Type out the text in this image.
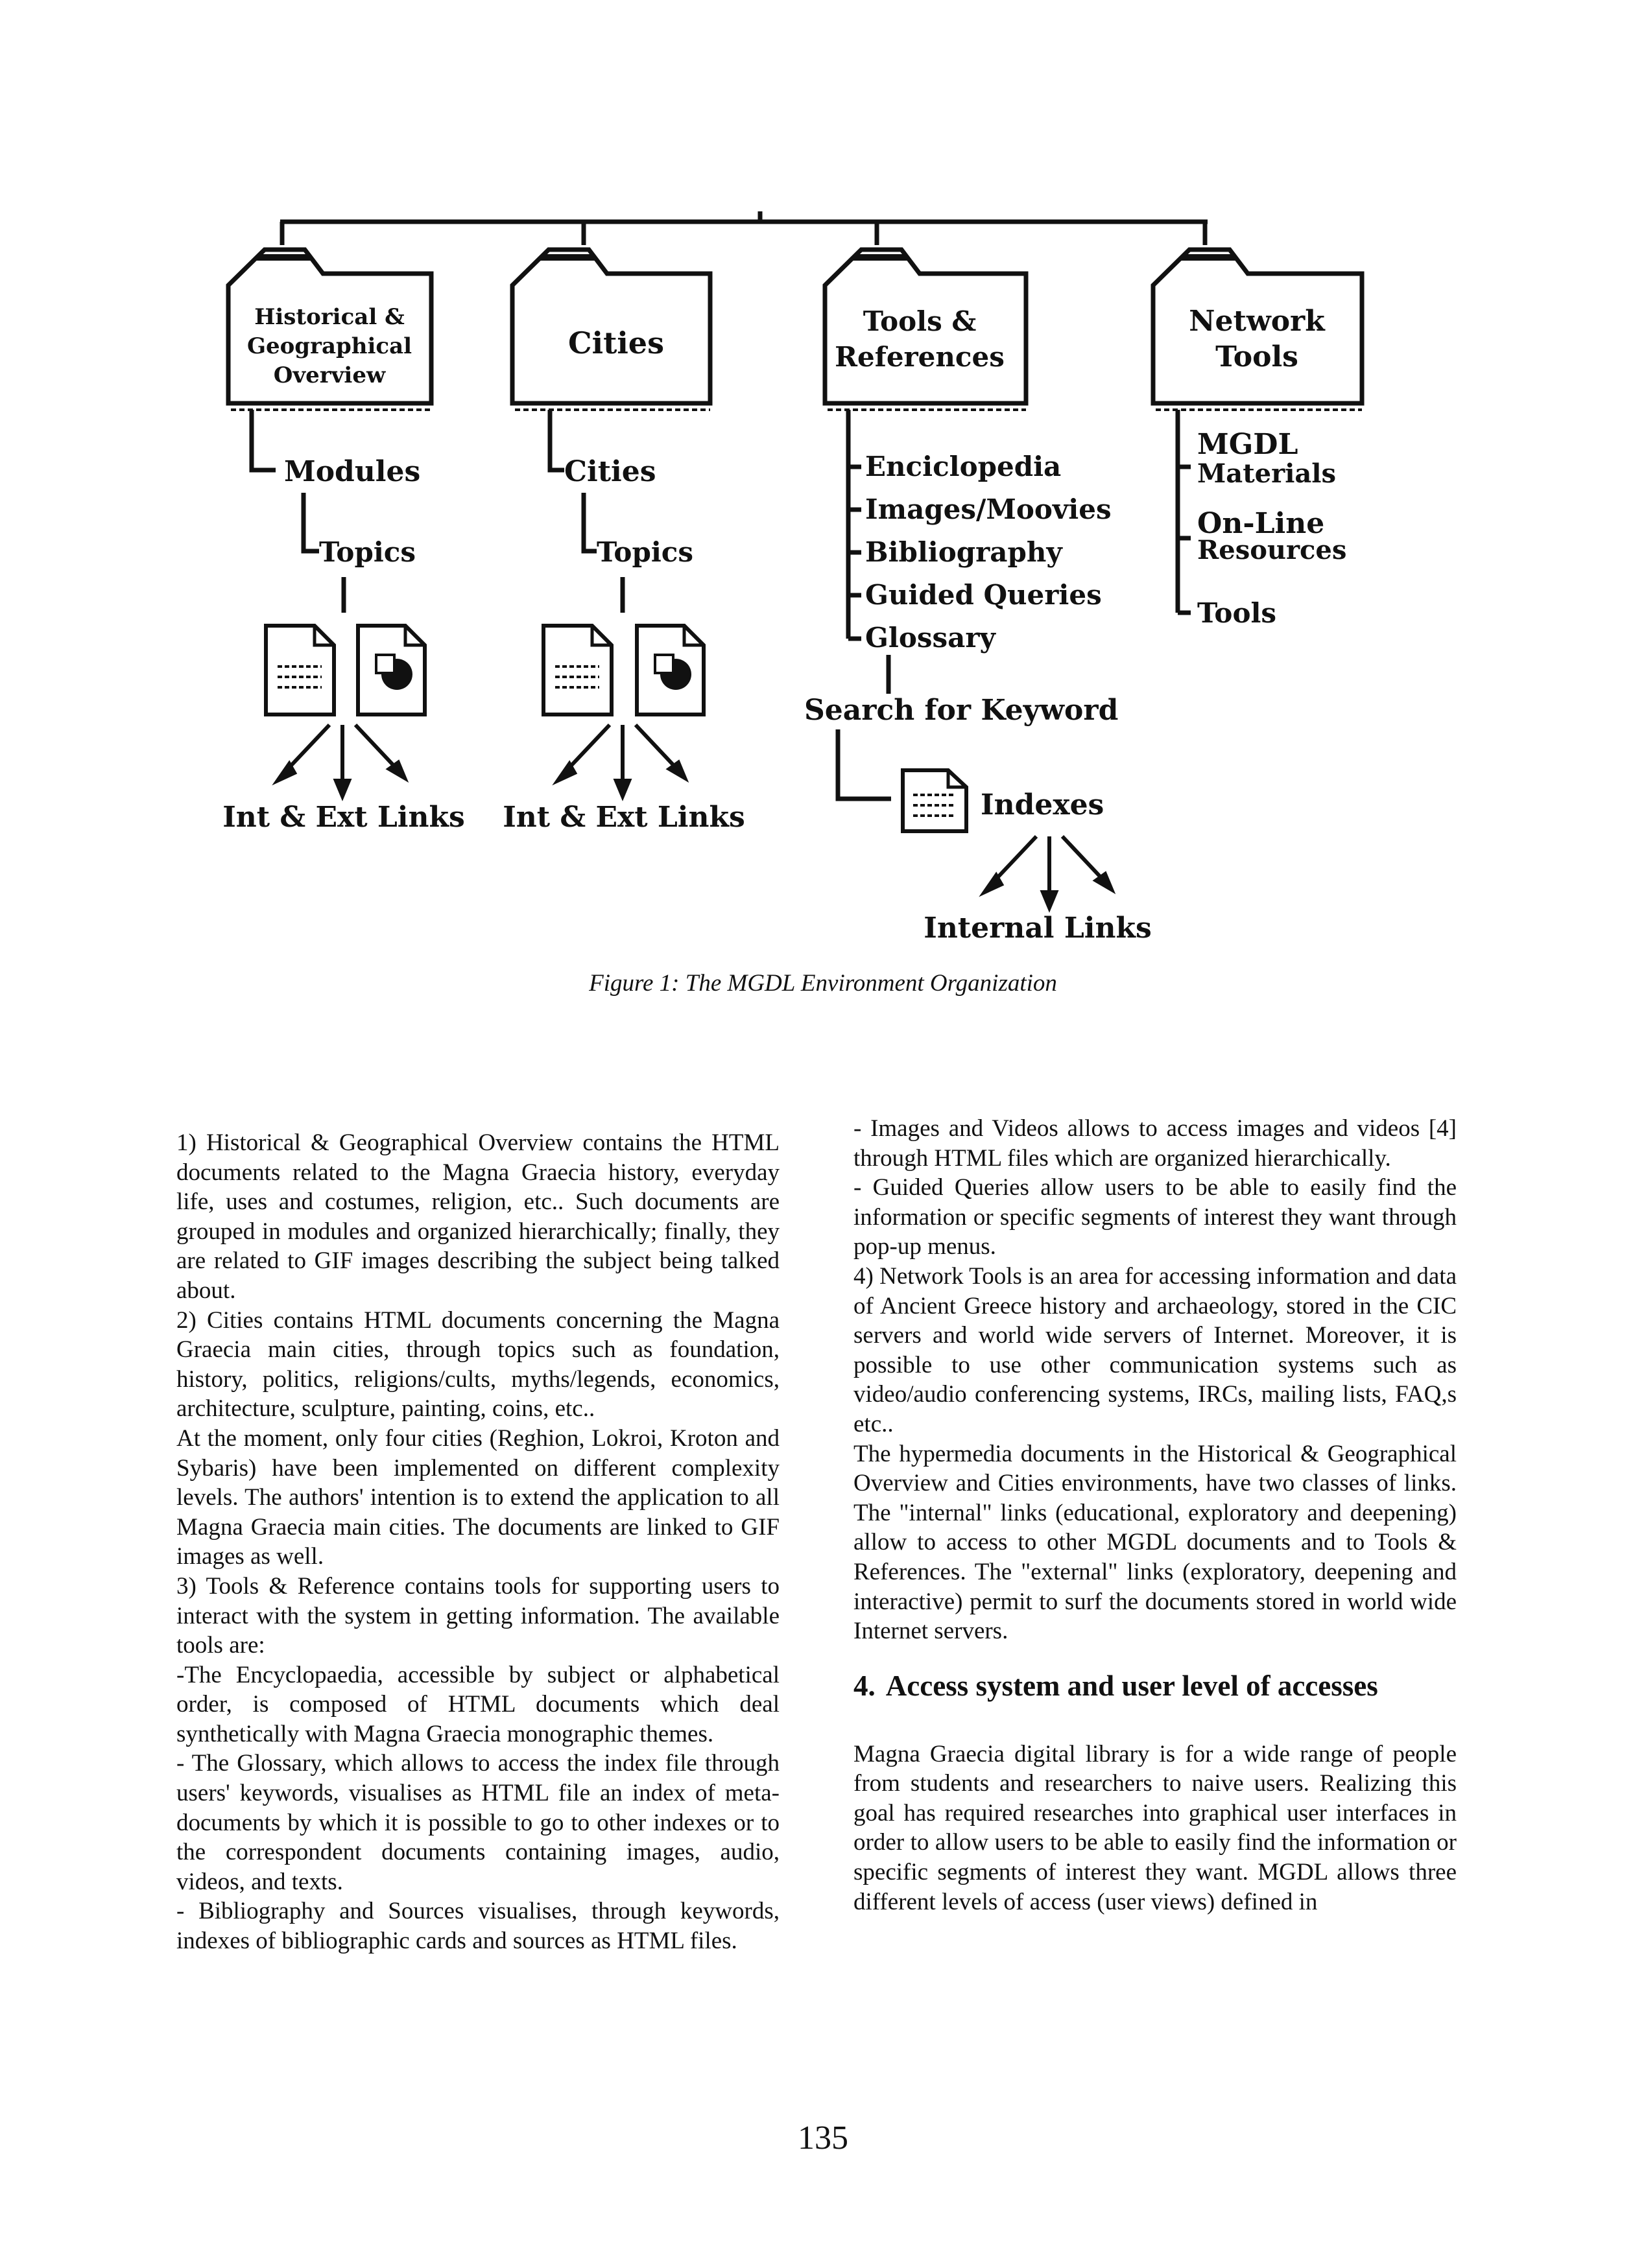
Historical &
Geographical
Overview
Cities
Tools &
References
Network
Tools
Modules
Topics
Cities
Topics
Int & Ext Links Int & Ext Links
Enciclopedia
Images/Moovies
Bibliography
Guided Queries
Glossary
Search for Keyword
Indexes
Internal Links
MGDL
Materials
On-Line
Resources
Tools
Figure 1: The MGDL Environment Organization

1) Historical & Geographical Overview contains the HTML documents related to the Magna Graecia history, everyday life, uses and costumes, religion, etc.. Such documents are grouped in modules and organized hierarchically; finally, they are related to GIF images describing the subject being talked about.

2) Cities contains HTML documents concerning the Magna Graecia main cities, through topics such as foundation, history, politics, religions/cults, myths/legends, economics, architecture, sculpture, painting, coins, etc..

At the moment, only four cities (Reghion, Lokroi, Kroton and Sybaris) have been implemented on different complexity levels. The authors' intention is to extend the application to all Magna Graecia main cities. The documents are linked to GIF images as well.

3) Tools & Reference contains tools for supporting users to interact with the system in getting information. The available tools are:

-The Encyclopaedia, accessible by subject or alphabetical order, is composed of HTML documents which deal synthetically with Magna Graecia monographic themes.

- The Glossary, which allows to access the index file through users' keywords, visualises as HTML file an index of meta-documents by which it is possible to go to other indexes or to the correspondent documents containing images, audio, videos, and texts.

- Bibliography and Sources visualises, through keywords, indexes of bibliographic cards and sources as HTML files.

- Images and Videos allows to access images and videos [4] through HTML files which are organized hierarchically.

- Guided Queries allow users to be able to easily find the information or specific segments of interest they want through pop-up menus.

4) Network Tools is an area for accessing information and data of Ancient Greece history and archaeology, stored in the CIC servers and world wide servers of Internet. Moreover, it is possible to use other communication systems such as video/audio conferencing systems, IRCs, mailing lists, FAQ,s etc..

The hypermedia documents in the Historical & Geographical Overview and Cities environments, have two classes of links. The "internal" links (educational, exploratory and deepening) allow to access to other MGDL documents and to Tools & References. The "external" links (exploratory, deepening and interactive) permit to surf the documents stored in world wide Internet servers.

4. Access system and user level of accesses

Magna Graecia digital library is for a wide range of people from students and researchers to naive users. Realizing this goal has required researches into graphical user interfaces in order to allow users to be able to easily find the information or specific segments of interest they want. MGDL allows three different levels of access (user views) defined in

135
